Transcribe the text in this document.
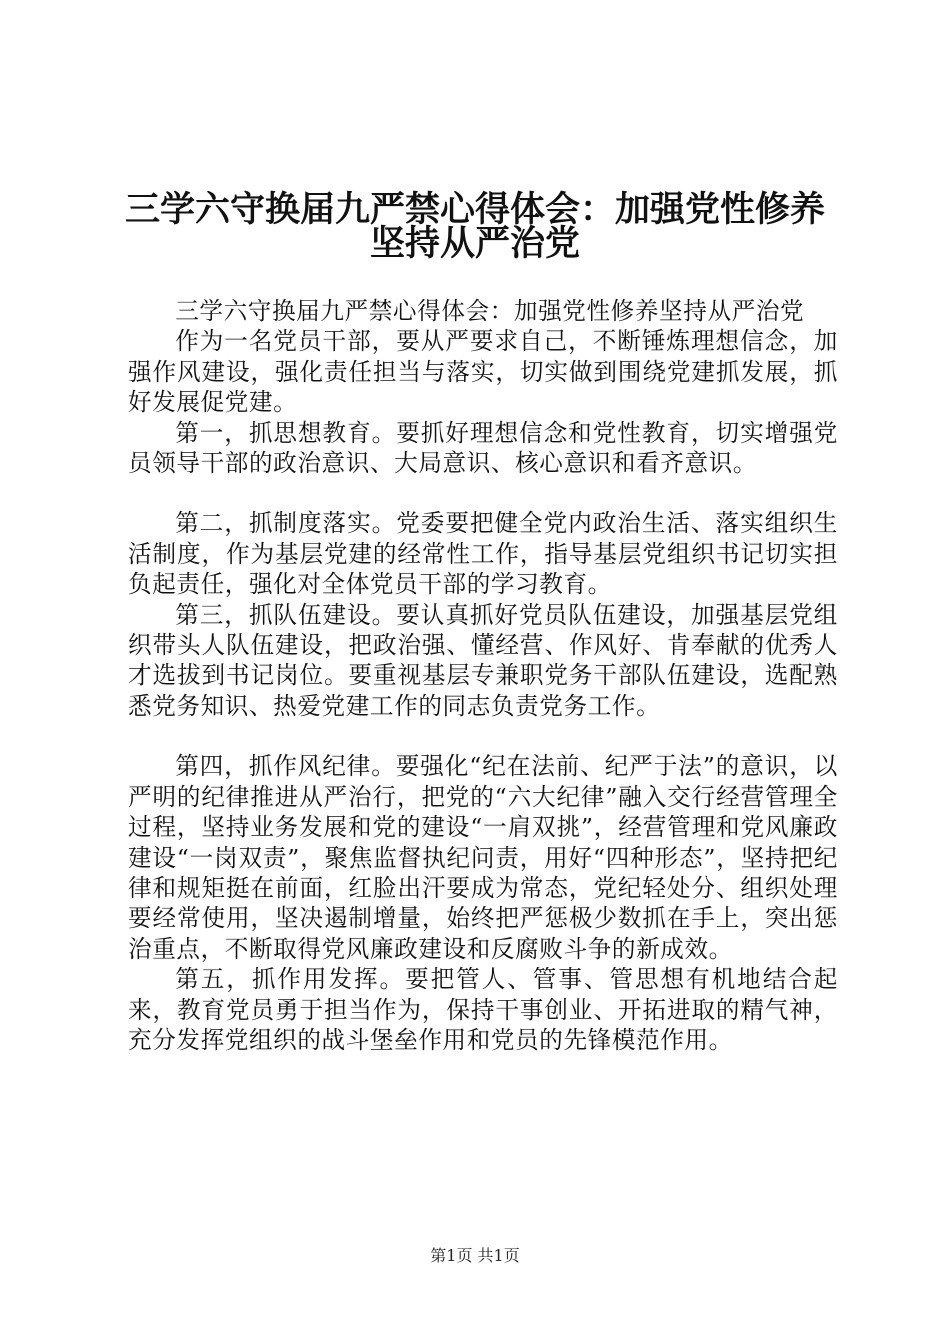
三学六守换届九严禁心得体会：加强党性修养
坚持从严治党

三学六守换届九严禁心得体会：加强党性修养坚持从严治党

作为一名党员干部，要从严要求自己，不断锤炼理想信念，加强作风建设，强化责任担当与落实，切实做到围绕党建抓发展，抓好发展促党建。

第一，抓思想教育。要抓好理想信念和党性教育，切实增强党员领导干部的政治意识、大局意识、核心意识和看齐意识。

第二，抓制度落实。党委要把健全党内政治生活、落实组织生活制度，作为基层党建的经常性工作，指导基层党组织书记切实担负起责任，强化对全体党员干部的学习教育。

第三，抓队伍建设。要认真抓好党员队伍建设，加强基层党组织带头人队伍建设，把政治强、懂经营、作风好、肯奉献的优秀人才选拔到书记岗位。要重视基层专兼职党务干部队伍建设，选配熟悉党务知识、热爱党建工作的同志负责党务工作。

第四，抓作风纪律。要强化“纪在法前、纪严于法”的意识，以严明的纪律推进从严治行，把党的“六大纪律”融入交行经营管理全过程，坚持业务发展和党的建设“一肩双挑”，经营管理和党风廉政建设“一岗双责”，聚焦监督执纪问责，用好“四种形态”，坚持把纪律和规矩挺在前面，红脸出汗要成为常态，党纪轻处分、组织处理要经常使用，坚决遏制增量，始终把严惩极少数抓在手上，突出惩治重点，不断取得党风廉政建设和反腐败斗争的新成效。

第五，抓作用发挥。要把管人、管事、管思想有机地结合起来，教育党员勇于担当作为，保持干事创业、开拓进取的精气神，充分发挥党组织的战斗堡垒作用和党员的先锋模范作用。

第1页 共1页
